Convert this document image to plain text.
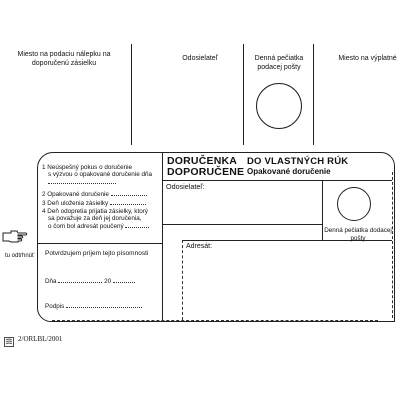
Miesto na podaciu nálepku na doporučenú zásielku
Odosielateľ	Denná pečiatka podacej pošty
Miesto na výplatné
tu odtrhnúť
DORUČENKA
DOPORUČENE
DO VLASTNÝCH RÚK
Opakované doručenie
Odosielateľ:
Denná pečiatka dodacej pošty
Adresát:
1 Neúspešný pokus o doručenie
s výzvou o opakované doručenie dňa
2 Opakované doručenie
3 Deň uloženia zásielky
4 Deň odopretia prijatia zásielky, ktorý
sa považuje za deň jej doručenia,
o čom bol adresát poučený
Potvrdzujem príjem tejto písomnosti
Dňa	20
Podpis
2/ORLBL/2001
